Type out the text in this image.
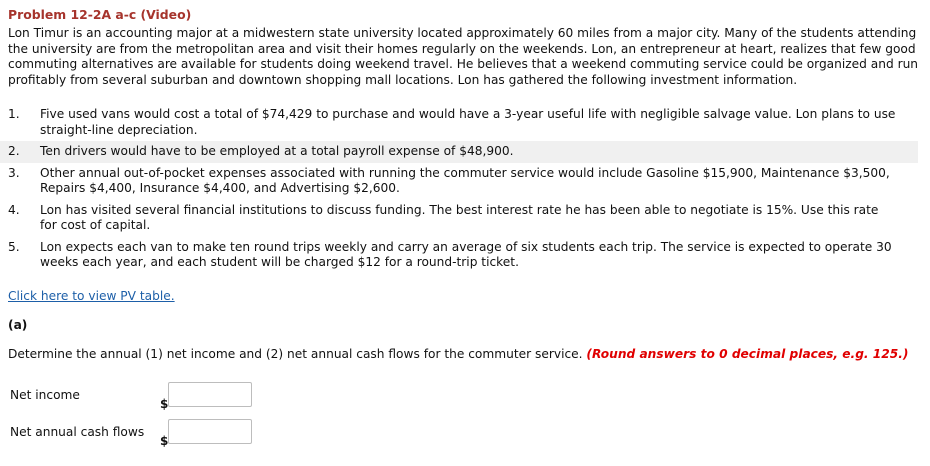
Problem 12-2A a-c (Video)
Lon Timur is an accounting major at a midwestern state university located approximately 60 miles from a major city. Many of the students attending the university are from the metropolitan area and visit their homes regularly on the weekends. Lon, an entrepreneur at heart, realizes that few good commuting alternatives are available for students doing weekend travel. He believes that a weekend commuting service could be organized and run profitably from several suburban and downtown shopping mall locations. Lon has gathered the following investment information.
1.	Five used vans would cost a total of $74,429 to purchase and would have a 3-year useful life with negligible salvage value. Lon plans to use straight-line depreciation.
2.	Ten drivers would have to be employed at a total payroll expense of $48,900.
3.	Other annual out-of-pocket expenses associated with running the commuter service would include Gasoline $15,900, Maintenance $3,500, Repairs $4,400, Insurance $4,400, and Advertising $2,600.
4.	Lon has visited several financial institutions to discuss funding. The best interest rate he has been able to negotiate is 15%. Use this rate for cost of capital.
5.	Lon expects each van to make ten round trips weekly and carry an average of six students each trip. The service is expected to operate 30 weeks each year, and each student will be charged $12 for a round-trip ticket.
Click here to view PV table.
(a)
Determine the annual (1) net income and (2) net annual cash flows for the commuter service. (Round answers to 0 decimal places, e.g. 125.)
Net income
$
Net annual cash flows
$
